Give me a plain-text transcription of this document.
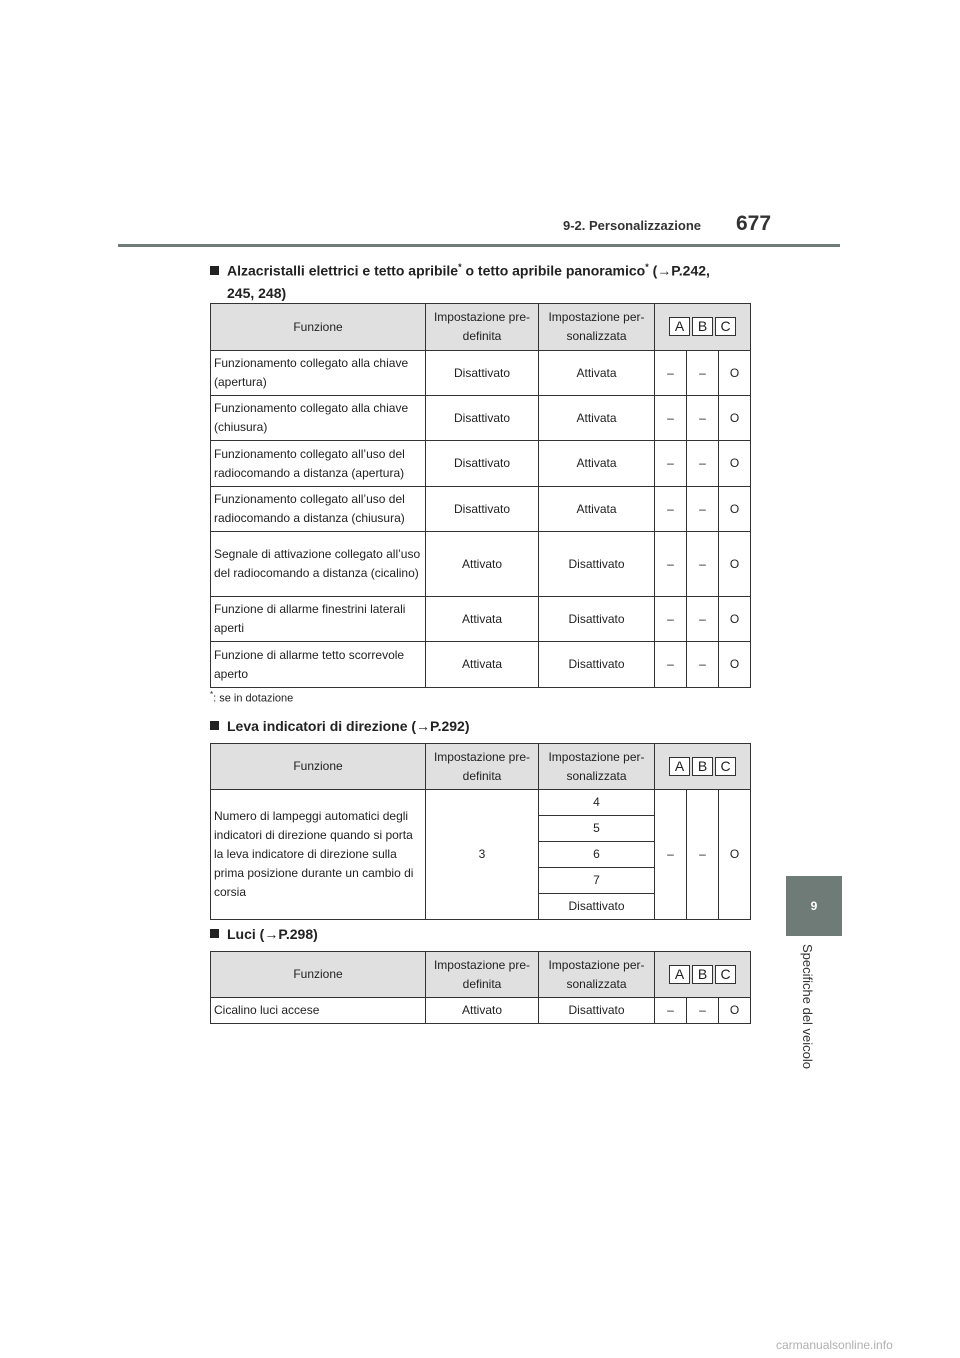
9-2. Personalizzazione 677
9
Specifiche del veicolo
Alzacristalli elettrici e tetto apribile* o tetto apribile panoramico* (→P.242,
245, 248)
Funzione	Impostazione pre-definita	Impostazione per-sonalizzata	A B C		
Funzionamento collegato alla chiave (apertura)	Disattivato	Attivata	–	–	O
Funzionamento collegato alla chiave (chiusura)	Disattivato	Attivata	–	–	O
Funzionamento collegato all’uso del radiocomando a distanza (apertura)	Disattivato	Attivata	–	–	O
Funzionamento collegato all’uso del radiocomando a distanza (chiusura)	Disattivato	Attivata	–	–	O
Segnale di attivazione collegato all’uso del radiocomando a distanza (cicalino)	Attivato	Disattivato	–	–	O
Funzione di allarme finestrini laterali aperti	Attivata	Disattivato	–	–	O
Funzione di allarme tetto scorrevole aperto	Attivata	Disattivato	–	–	O
*: se in dotazione
Leva indicatori di direzione (→P.292)
Funzione	Impostazione pre-definita	Impostazione per-sonalizzata	A B C		
Numero di lampeggi automatici degli indicatori di direzione quando si porta la leva indicatore di direzione sulla prima posizione durante un cambio di corsia	3	4	–	–	O
		5			
		6			
		7			
		Disattivato			
Luci (→P.298)
Funzione	Impostazione pre-definita	Impostazione per-sonalizzata	A B C		
Cicalino luci accese	Attivato	Disattivato	–	–	O
carmanualsonline.info
